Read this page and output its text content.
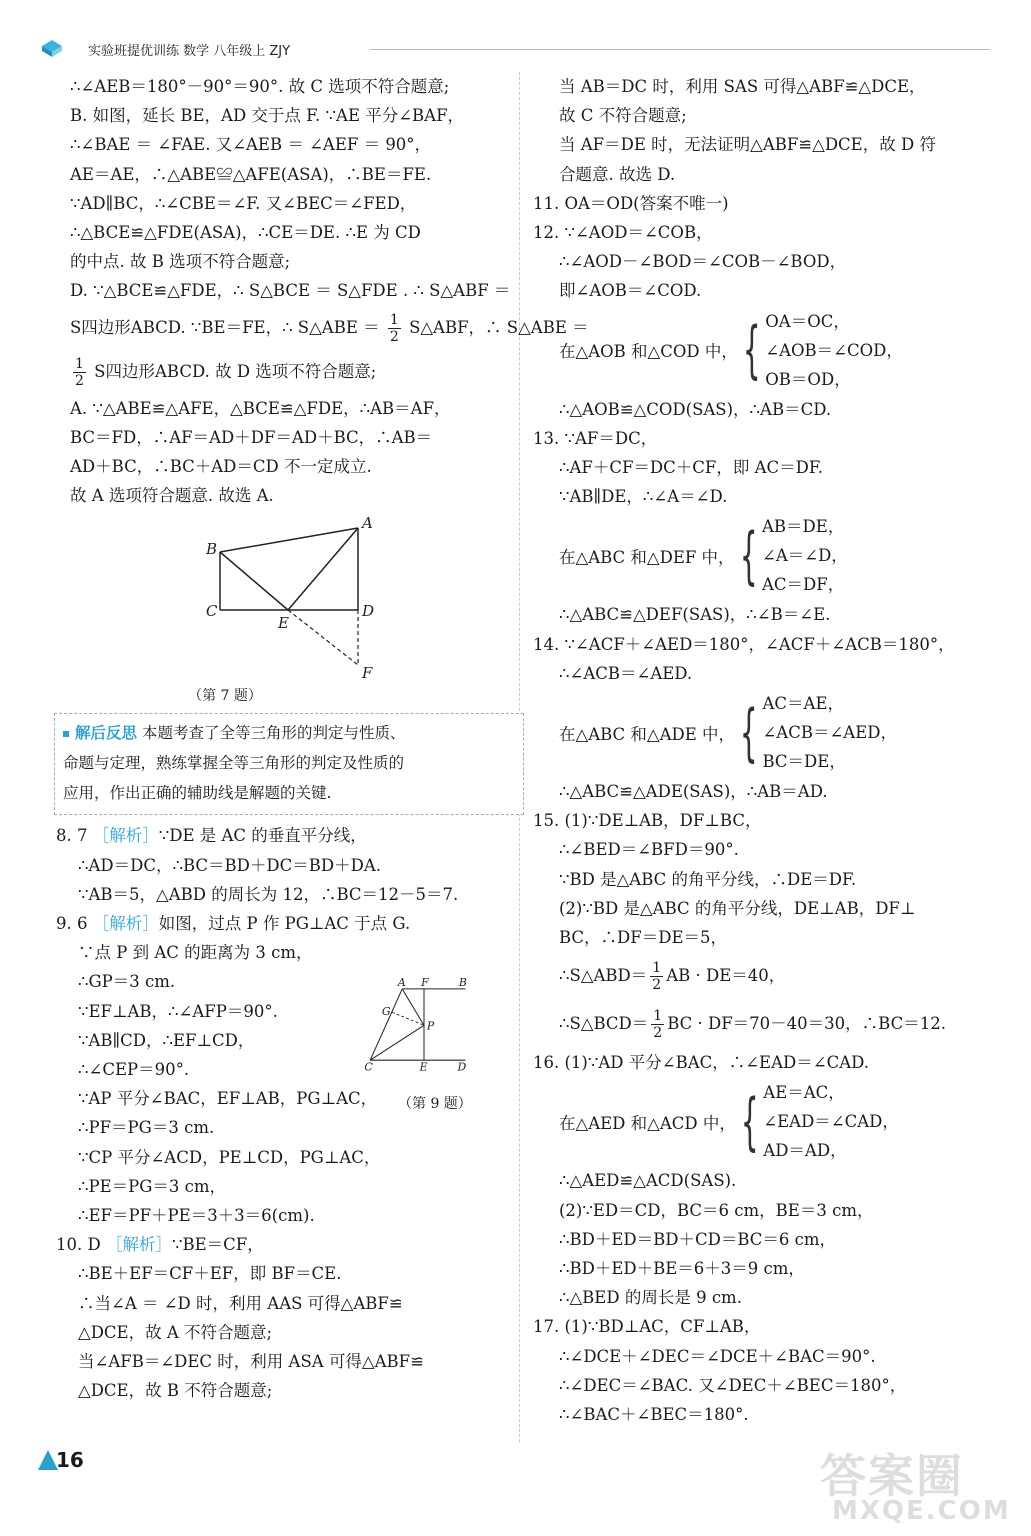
实验班提优训练 数学 八年级上 ZJY
∴∠AEB＝180°－90°＝90°. 故 C 选项不符合题意;
B. 如图，延长 BE，AD 交于点 F. ∵AE 平分∠BAF，
∴∠BAE ＝ ∠FAE. 又∠AEB ＝ ∠AEF ＝ 90°，
AE＝AE，∴△ABE≌△AFE(ASA)，∴BE＝FE.
∵AD∥BC，∴∠CBE＝∠F. 又∠BEC＝∠FED，
∴△BCE≌△FDE(ASA)，∴CE＝DE. ∴E 为 CD
的中点. 故 B 选项不符合题意;
D. ∵△BCE≌△FDE，∴ S△BCE ＝ S△FDE . ∴ S△ABF ＝
S四边形ABCD. ∵BE＝FE，∴ S△ABE ＝ $\frac{1}{2}$ S△ABF，∴ S△ABE ＝
$\frac{1}{2}$ S四边形ABCD. 故 D 选项不符合题意;
A. ∵△ABE≌△AFE，△BCE≌△FDE，∴AB＝AF，
BC＝FD，∴AF＝AD＋DF＝AD＋BC，∴AB＝
AD＋BC，∴BC＋AD＝CD 不一定成立.
故 A 选项符合题意. 故选 A.
A
B
C	D
E
F
（第 7 题）
解后反思 本题考查了全等三角形的判定与性质、
命题与定理，熟练掌握全等三角形的判定及性质的
应用，作出正确的辅助线是解题的关键.
8. 7 ［解析］∵DE 是 AC 的垂直平分线，
∴AD＝DC，∴BC＝BD＋DC＝BD＋DA.
∵AB＝5，△ABD 的周长为 12，∴BC＝12－5＝7.
9. 6 ［解析］如图，过点 P 作 PG⊥AC 于点 G.
∵点 P 到 AC 的距离为 3 cm，
∴GP＝3 cm.
∵EF⊥AB，∴∠AFP＝90°.
∵AB∥CD，∴EF⊥CD，
∴∠CEP＝90°.
∵AP 平分∠BAC，EF⊥AB，PG⊥AC，
∴PF＝PG＝3 cm.
∵CP 平分∠ACD，PE⊥CD，PG⊥AC，
∴PE＝PG＝3 cm，
∴EF＝PF＋PE＝3＋3＝6(cm).
10. D ［解析］∵BE＝CF，
∴BE＋EF＝CF＋EF，即 BF＝CE.
∴当∠A ＝ ∠D 时，利用 AAS 可得△ABF≌
△DCE，故 A 不符合题意;
当∠AFB＝∠DEC 时，利用 ASA 可得△ABF≌
△DCE，故 B 不符合题意;
A F B
G
P
C	E D
（第 9 题）
当 AB＝DC 时，利用 SAS 可得△ABF≌△DCE，
故 C 不符合题意;
当 AF＝DE 时，无法证明△ABF≌△DCE，故 D 符
合题意. 故选 D.
11. OA＝OD(答案不唯一)
12. ∵∠AOD＝∠COB，
∴∠AOD－∠BOD＝∠COB－∠BOD，
即∠AOB＝∠COD.
在△AOB 和△COD 中， { OA＝OC，
∠AOB＝∠COD，
OB＝OD，
∴△AOB≌△COD(SAS)，∴AB＝CD.
13. ∵AF＝DC，
∴AF＋CF＝DC＋CF，即 AC＝DF.
∵AB∥DE，∴∠A＝∠D.
在△ABC 和△DEF 中， { AB＝DE，
∠A＝∠D，
AC＝DF，
∴△ABC≌△DEF(SAS)，∴∠B＝∠E.
14. ∵∠ACF＋∠AED＝180°，∠ACF＋∠ACB＝180°，
∴∠ACB＝∠AED.
在△ABC 和△ADE 中， { AC＝AE，
∠ACB＝∠AED，
BC＝DE，
∴△ABC≌△ADE(SAS)，∴AB＝AD.
15. (1)∵DE⊥AB，DF⊥BC，
∴∠BED＝∠BFD＝90°.
∵BD 是△ABC 的角平分线，∴DE＝DF.
(2)∵BD 是△ABC 的角平分线，DE⊥AB，DF⊥
BC，∴DF＝DE＝5，
∴S△ABD＝ $\frac{1}{2}$ AB · DE＝40，
∴S△BCD＝ $\frac{1}{2}$ BC · DF＝70－40＝30，∴BC＝12.
16. (1)∵AD 平分∠BAC，∴∠EAD＝∠CAD.
在△AED 和△ACD 中， { AE＝AC，
∠EAD＝∠CAD，
AD＝AD，
∴△AED≌△ACD(SAS).
(2)∵ED＝CD，BC＝6 cm，BE＝3 cm，
∴BD＋ED＝BD＋CD＝BC＝6 cm，
∴BD＋ED＋BE＝6＋3＝9 cm，
∴△BED 的周长是 9 cm.
17. (1)∵BD⊥AC，CF⊥AB，
∴∠DCE＋∠DEC＝∠DCE＋∠BAC＝90°.
∴∠DEC＝∠BAC. 又∠DEC＋∠BEC＝180°，
∴∠BAC＋∠BEC＝180°.
16	答案圈
MXQE.COM
